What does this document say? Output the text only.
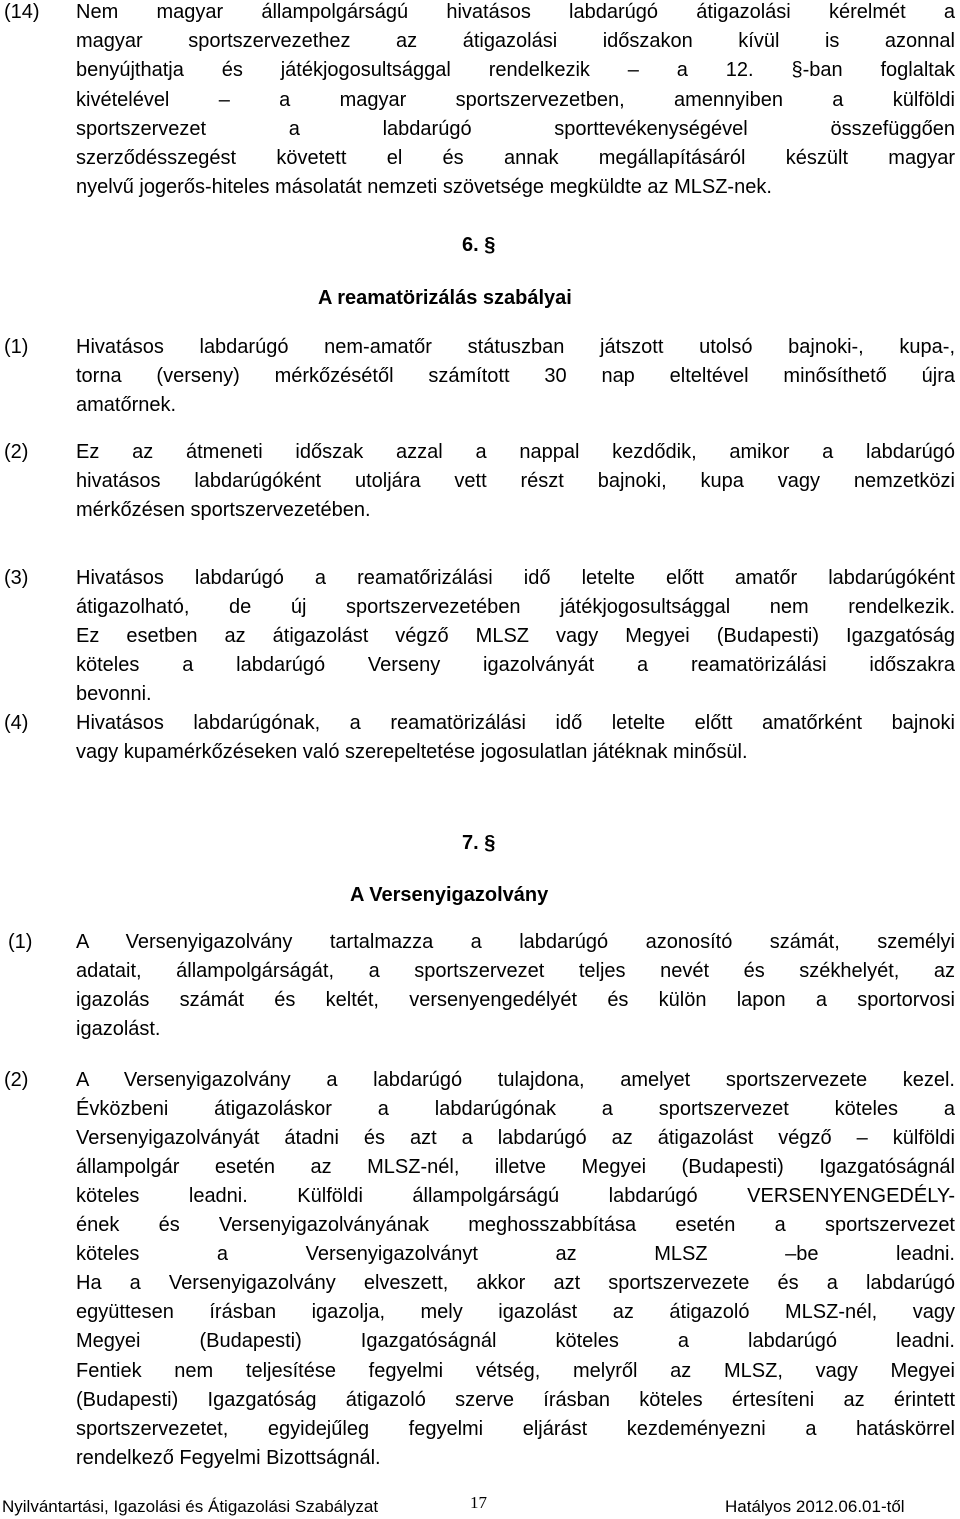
(14) Nem magyar állampolgárságú hivatásos labdarúgó átigazolási kérelmét a
magyar sportszervezethez az átigazolási időszakon kívül is azonnal
benyújthatja és játékjogosultsággal rendelkezik – a 12. §-ban foglaltak
kivételével – a magyar sportszervezetben, amennyiben a külföldi
sportszervezet a labdarúgó sporttevékenységével összefüggően
szerződésszegést követett el és annak megállapításáról készült magyar
nyelvű jogerős-hiteles másolatát nemzeti szövetsége megküldte az MLSZ-nek.
6. §
A reamatörizálás szabályai
(1) Hivatásos labdarúgó nem-amatőr státuszban játszott utolsó bajnoki-, kupa-,
torna (verseny) mérkőzésétől számított 30 nap elteltével minősíthető újra
amatőrnek.
(2) Ez az átmeneti időszak azzal a nappal kezdődik, amikor a labdarúgó
hivatásos labdarúgóként utoljára vett részt bajnoki, kupa vagy nemzetközi
mérkőzésen sportszervezetében.
(3) Hivatásos labdarúgó a reamatőrizálási idő letelte előtt amatőr labdarúgóként
átigazolható, de új sportszervezetében játékjogosultsággal nem rendelkezik.
Ez esetben az átigazolást végző MLSZ vagy Megyei (Budapesti) Igazgatóság
köteles a labdarúgó Verseny igazolványát a reamatörizálási időszakra
bevonni.
(4) Hivatásos labdarúgónak, a reamatörizálási idő letelte előtt amatőrként bajnoki
vagy kupamérkőzéseken való szerepeltetése jogosulatlan játéknak minősül.
7. §
A Versenyigazolvány
(1) A Versenyigazolvány tartalmazza a labdarúgó azonosító számát, személyi
adatait, állampolgárságát, a sportszervezet teljes nevét és székhelyét, az
igazolás számát és keltét, versenyengedélyét és külön lapon a sportorvosi
igazolást.
(2) A Versenyigazolvány a labdarúgó tulajdona, amelyet sportszervezete kezel.
Évközbeni átigazoláskor a labdarúgónak a sportszervezet köteles a
Versenyigazolványát átadni és azt a labdarúgó az átigazolást végző – külföldi
állampolgár esetén az MLSZ-nél, illetve Megyei (Budapesti) Igazgatóságnál
köteles leadni. Külföldi állampolgárságú labdarúgó VERSENYENGEDÉLY-
ének és Versenyigazolványának meghosszabbítása esetén a sportszervezet
köteles a Versenyigazolványt az MLSZ –be leadni.
Ha a Versenyigazolvány elveszett, akkor azt sportszervezete és a labdarúgó
együttesen írásban igazolja, mely igazolást az átigazoló MLSZ-nél, vagy
Megyei (Budapesti) Igazgatóságnál köteles a labdarúgó leadni.
Fentiek nem teljesítése fegyelmi vétség, melyről az MLSZ, vagy Megyei
(Budapesti) Igazgatóság átigazoló szerve írásban köteles értesíteni az érintett
sportszervezetet, egyidejűleg fegyelmi eljárást kezdeményezni a hatáskörrel
rendelkező Fegyelmi Bizottságnál.
Nyilvántartási, Igazolási és Átigazolási Szabályzat	17	Hatályos 2012.06.01-től
